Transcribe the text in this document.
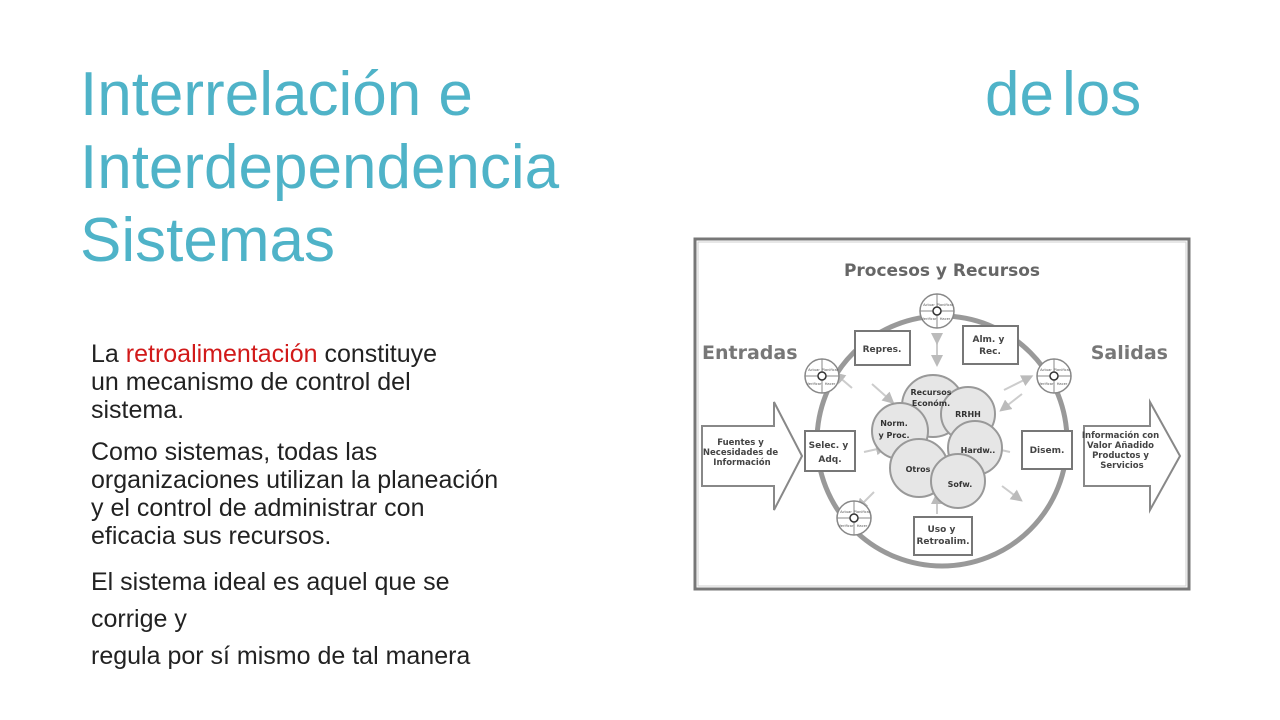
Interrelación e
Interdependencia
Sistemas
de los

La retroalimentación constituye
un mecanismo de control del
sistema.

Como sistemas, todas las
organizaciones utilizan la planeación
y el control de administrar con
eficacia sus recursos.

El sistema ideal es aquel que se
corrige y
regula por sí mismo de tal manera

Procesos y Recursos
Entradas	Salidas
Fuentes y Necesidades de Información
Información con Valor Añadido Productos y Servicios
Repres.
Alm. y Rec.
Selec. y Adq.
Disem.
Uso y Retroalim.
Recursos Económ.
RRHH
Norm. y Proc.
Hardw..
Otros
Sofw.
Actuar Planificar
Verificar Hacer
Actuar Planificar
Verificar Hacer
Actuar Planificar
Verificar Hacer
Actuar Planificar
Verificar Hacer
